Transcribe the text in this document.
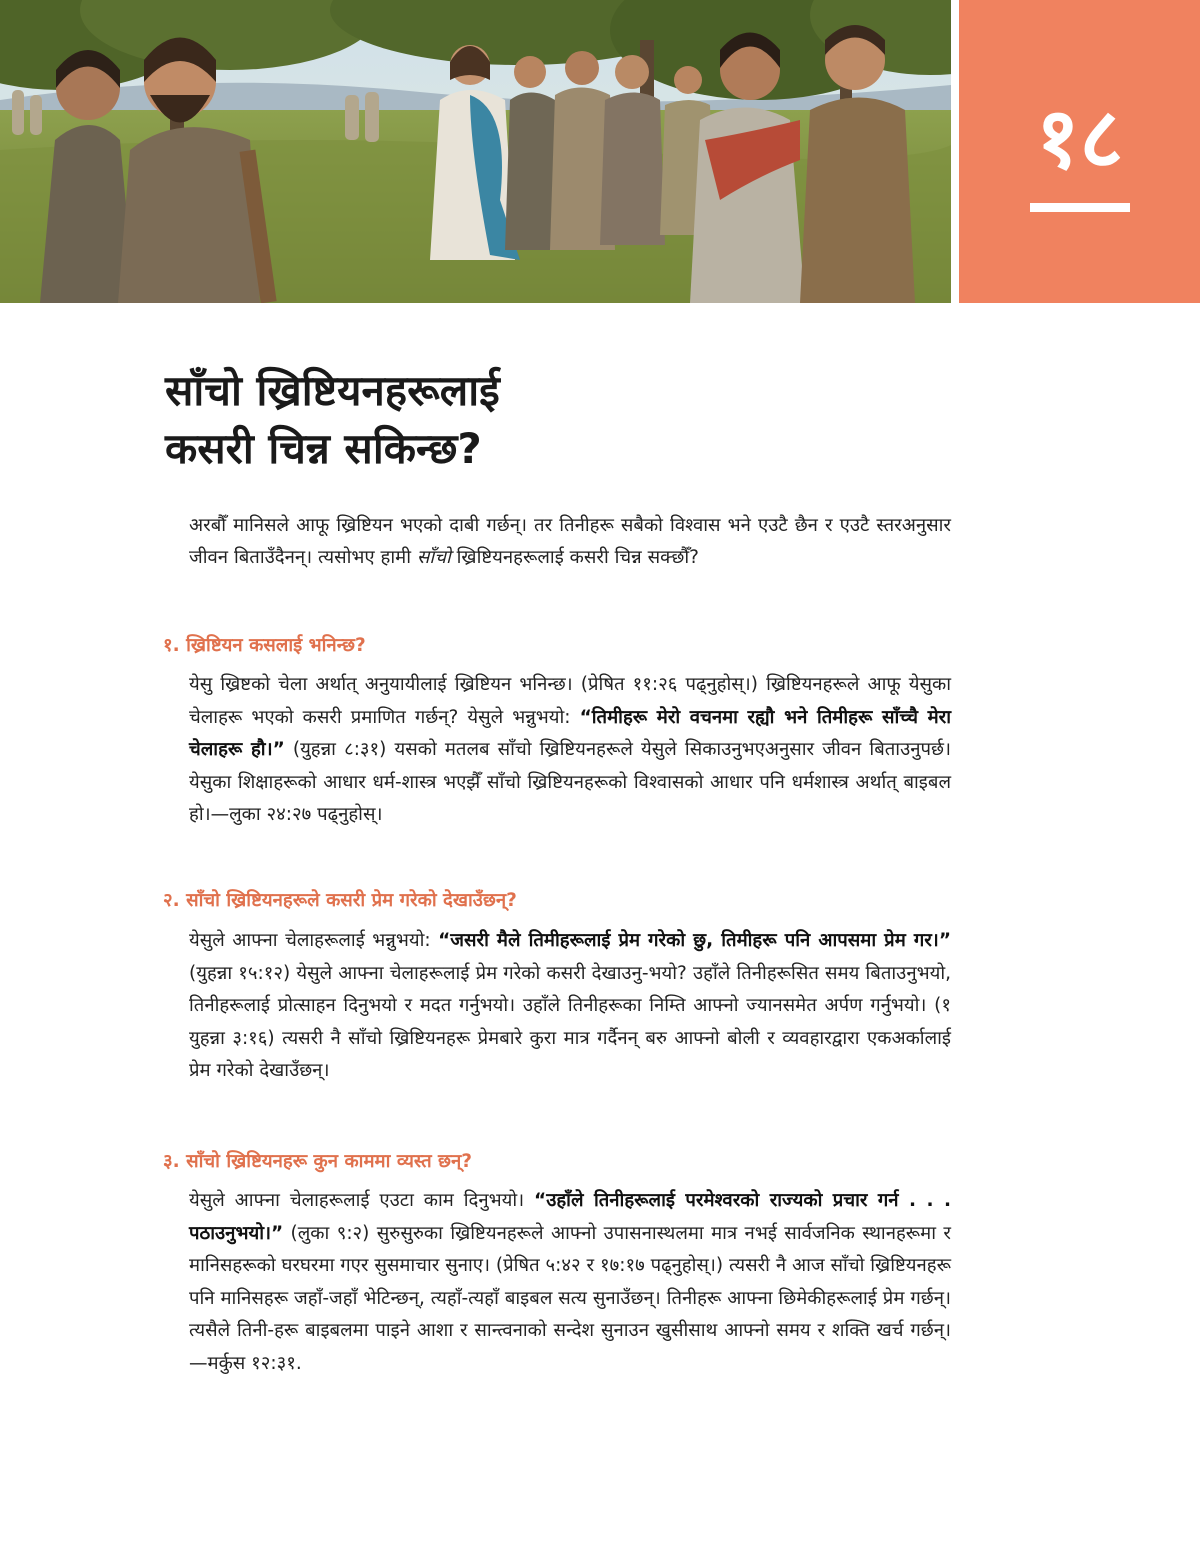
१८
साँचो ख्रिष्टियनहरूलाई
कसरी चिन्न सकिन्छ?

अरबौँ मानिसले आफू ख्रिष्टियन भएको दाबी गर्छन्। तर तिनीहरू सबैको विश्वास भने एउटै छैन र एउटै स्तरअनुसार जीवन बिताउँदैनन्। त्यसोभए हामी साँचो ख्रिष्टियनहरूलाई कसरी चिन्न सक्छौँ?

१. ख्रिष्टियन कसलाई भनिन्छ?

येसु ख्रिष्टको चेला अर्थात् अनुयायीलाई ख्रिष्टियन भनिन्छ। (प्रेषित ११:२६ पढ्नुहोस्।) ख्रिष्टियनहरूले आफू येसुका चेलाहरू भएको कसरी प्रमाणित गर्छन्? येसुले भन्नुभयो: “तिमीहरू मेरो वचनमा रह्यौ भने तिमीहरू साँच्चै मेरा चेलाहरू हौ।” (युहन्ना ८:३१) यसको मतलब साँचो ख्रिष्टियनहरूले येसुले सिकाउनुभएअनुसार जीवन बिताउनुपर्छ। येसुका शिक्षाहरूको आधार धर्म-शास्त्र भएझैँ साँचो ख्रिष्टियनहरूको विश्वासको आधार पनि धर्मशास्त्र अर्थात् बाइबल हो।—लुका २४:२७ पढ्नुहोस्।

२. साँचो ख्रिष्टियनहरूले कसरी प्रेम गरेको देखाउँछन्?

येसुले आफ्ना चेलाहरूलाई भन्नुभयो: “जसरी मैले तिमीहरूलाई प्रेम गरेको छु, तिमीहरू पनि आपसमा प्रेम गर।” (युहन्ना १५:१२) येसुले आफ्ना चेलाहरूलाई प्रेम गरेको कसरी देखाउनु-भयो? उहाँले तिनीहरूसित समय बिताउनुभयो, तिनीहरूलाई प्रोत्साहन दिनुभयो र मदत गर्नुभयो। उहाँले तिनीहरूका निम्ति आफ्नो ज्यानसमेत अर्पण गर्नुभयो। (१ युहन्ना ३:१६) त्यसरी नै साँचो ख्रिष्टियनहरू प्रेमबारे कुरा मात्र गर्दैनन् बरु आफ्नो बोली र व्यवहारद्वारा एकअर्कालाई प्रेम गरेको देखाउँछन्।

३. साँचो ख्रिष्टियनहरू कुन काममा व्यस्त छन्?

येसुले आफ्ना चेलाहरूलाई एउटा काम दिनुभयो। “उहाँले तिनीहरूलाई परमेश्‍वरको राज्यको प्रचार गर्न . . . पठाउनुभयो।” (लुका ९:२) सुरुसुरुका ख्रिष्टियनहरूले आफ्नो उपासनास्थलमा मात्र नभई सार्वजनिक स्थानहरूमा र मानिसहरूको घरघरमा गएर सुसमाचार सुनाए। (प्रेषित ५:४२ र १७:१७ पढ्नुहोस्।) त्यसरी नै आज साँचो ख्रिष्टियनहरू पनि मानिसहरू जहाँ-जहाँ भेटिन्छन्, त्यहाँ-त्यहाँ बाइबल सत्य सुनाउँछन्। तिनीहरू आफ्ना छिमेकीहरूलाई प्रेम गर्छन्। त्यसैले तिनी-हरू बाइबलमा पाइने आशा र सान्त्वनाको सन्देश सुनाउन खुसीसाथ आफ्नो समय र शक्ति खर्च गर्छन्।—मर्कुस १२:३१.
